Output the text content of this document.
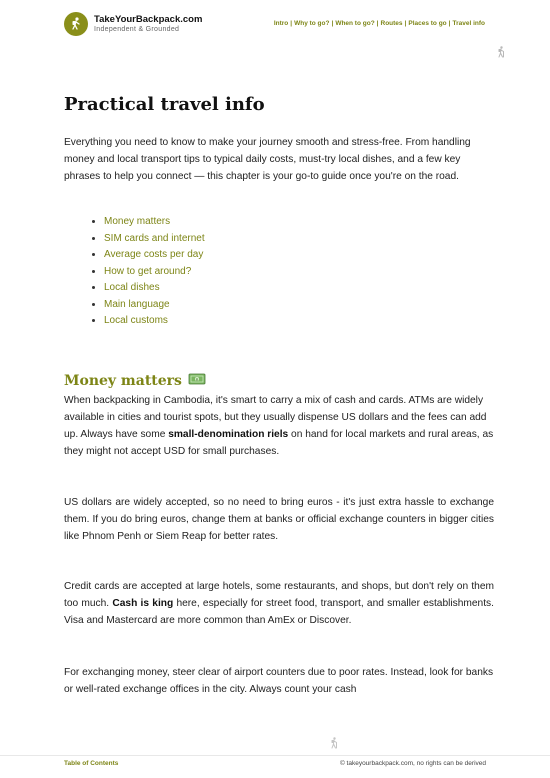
TakeYourBackpack.com
Independent & Grounded
Intro | Why to go? | When to go? | Routes | Places to go | Travel info
Practical travel info

Everything you need to know to make your journey smooth and stress-free. From handling money and local transport tips to typical daily costs, must-try local dishes, and a few key phrases to help you connect — this chapter is your go-to guide once you're on the road.

• Money matters
• SIM cards and internet
• Average costs per day
• How to get around?
• Local dishes
• Main language
• Local customs
Money matters	$

When backpacking in Cambodia, it's smart to carry a mix of cash and cards. ATMs are widely available in cities and tourist spots, but they usually dispense US dollars and the fees can add up. Always have some small-denomination riels on hand for local markets and rural areas, as they might not accept USD for small purchases.

US dollars are widely accepted, so no need to bring euros - it's just extra hassle to exchange them. If you do bring euros, change them at banks or official exchange counters in bigger cities like Phnom Penh or Siem Reap for better rates.

Credit cards are accepted at large hotels, some restaurants, and shops, but don't rely on them too much. Cash is king here, especially for street food, transport, and smaller establishments. Visa and Mastercard are more common than AmEx or Discover.

For exchanging money, steer clear of airport counters due to poor rates. Instead, look for banks or well-rated exchange offices in the city. Always count your cash

Table of Contents	© takeyourbackpack.com, no rights can be derived
